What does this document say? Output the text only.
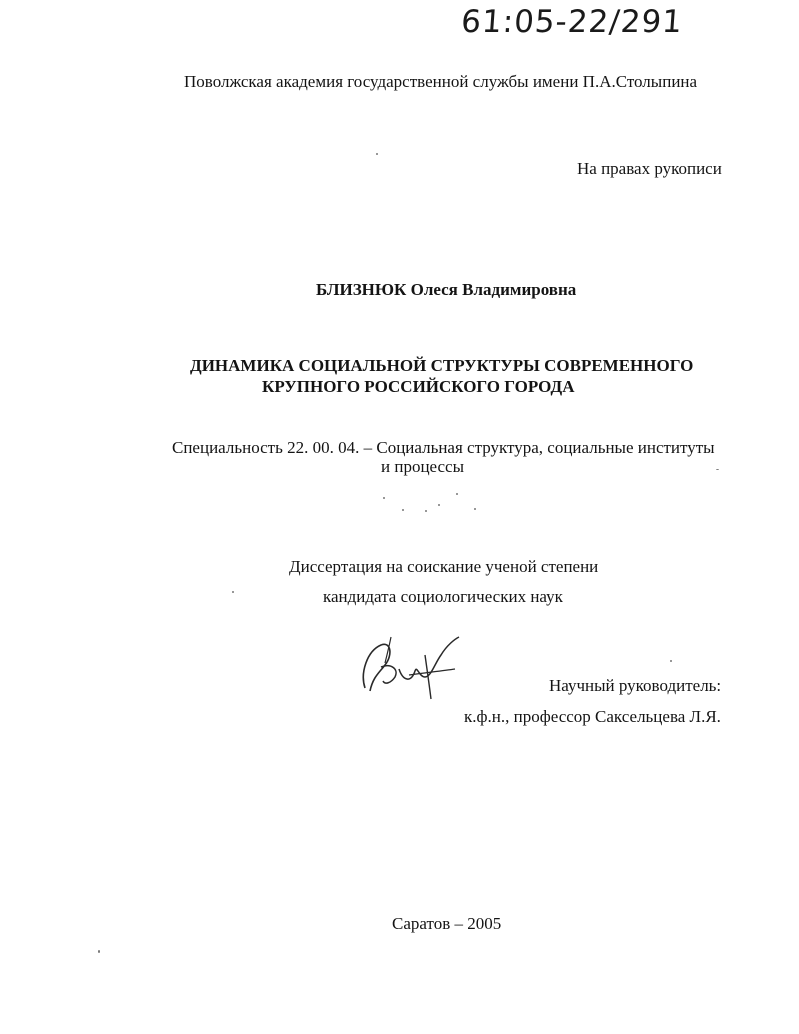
61:05-22/291
Поволжская академия государственной службы имени П.А.Столыпина
На правах рукописи
БЛИЗНЮК Олеся Владимировна
ДИНАМИКА СОЦИАЛЬНОЙ СТРУКТУРЫ СОВРЕМЕННОГО
КРУПНОГО РОССИЙСКОГО ГОРОДА
Специальность 22. 00. 04. – Социальная структура, социальные институты
и процессы
Диссертация на соискание ученой степени
кандидата социологических наук
Научный руководитель:
к.ф.н., профессор Саксельцева Л.Я.
Саратов – 2005
